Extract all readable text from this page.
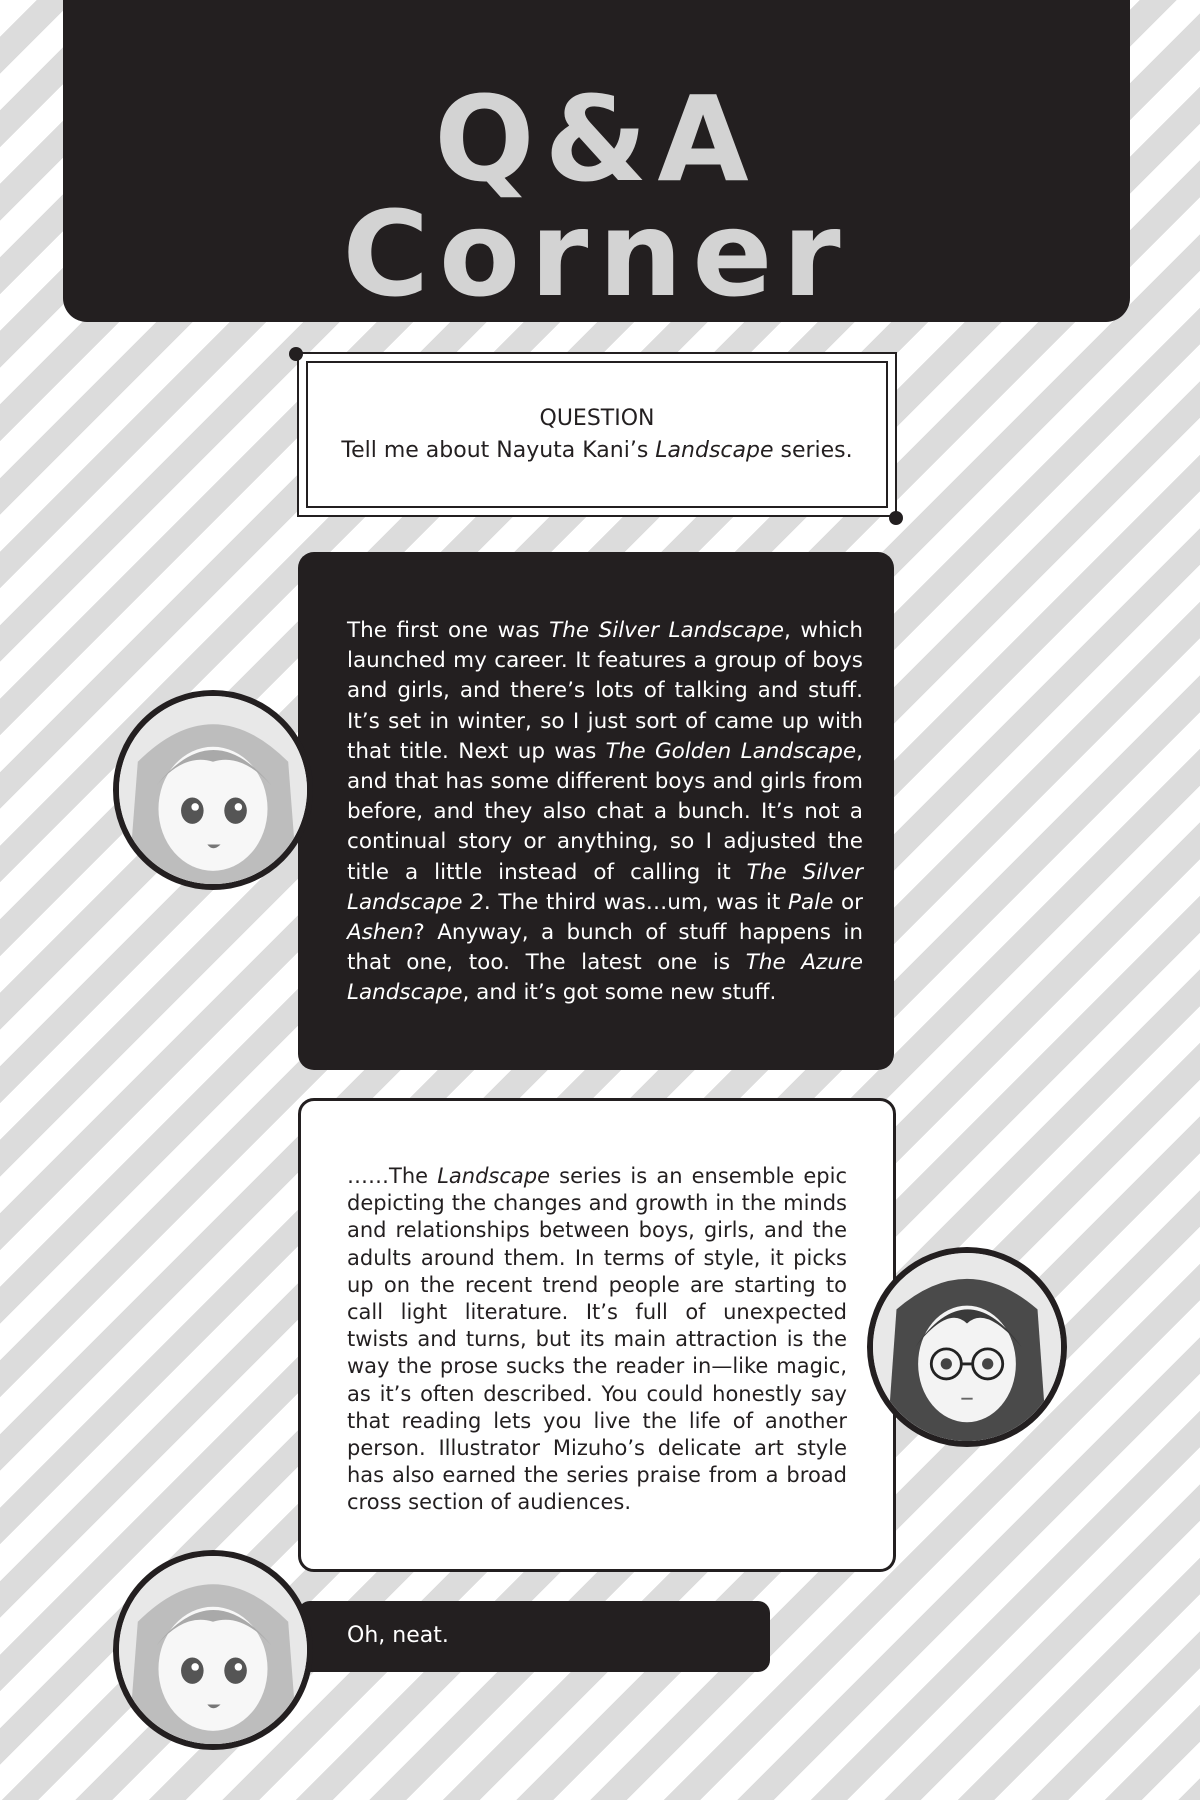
Q&A
Corner
QUESTION
Tell me about Nayuta Kani’s Landscape series.
The first one was The Silver Landscape, which launched my career. It features a group of boys and girls, and there’s lots of talking and stuff. It’s set in winter, so I just sort of came up with that title. Next up was The Golden Landscape, and that has some different boys and girls from before, and they also chat a bunch. It’s not a continual story or anything, so I adjusted the title a little instead of calling it The Silver Landscape 2. The third was…um, was it Pale or Ashen? Anyway, a bunch of stuff happens in that one, too. The latest one is The Azure Landscape, and it’s got some new stuff.
……The Landscape series is an ensemble epic depicting the changes and growth in the minds and relationships between boys, girls, and the adults around them. In terms of style, it picks up on the recent trend people are starting to call light literature. It’s full of unexpected twists and turns, but its main attraction is the way the prose sucks the reader in—like magic, as it’s often described. You could honestly say that reading lets you live the life of another person. Illustrator Mizuho’s delicate art style has also earned the series praise from a broad cross section of audiences.
Oh, neat.
